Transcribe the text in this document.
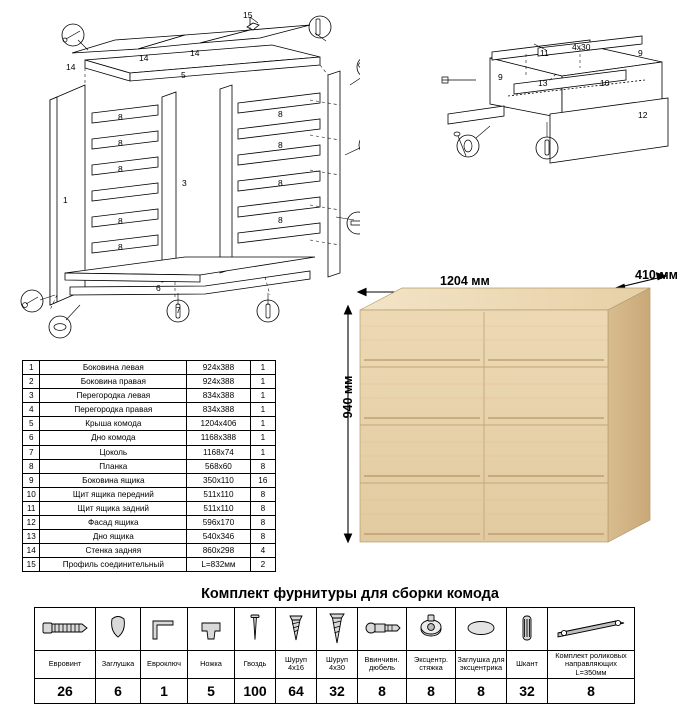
15
14
14	14
5
1
3
8
8
8
8
8
8
8
8
8
6
7
11
9
9
4х30
13	10
12
1	Боковина левая	924х388	1
2	Боковина правая	924х388	1
3	Перегородка левая	834х388	1
4	Перегородка правая	834х388	1
5	Крыша комода	1204х406	1
6	Дно комода	1168х388	1
7	Цоколь	1168х74	1
8	Планка	568х60	8
9	Боковина ящика	350х110	16
10	Щит ящика передний	511х110	8
11	Щит ящика задний	511х110	8
12	Фасад ящика	596х170	8
13	Дно ящика	540х346	8
14	Стенка задняя	860х298	4
15	Профиль соединительный	L=832мм	2
1204 мм	410 мм
940 мм
Комплект фурнитуры для сборки комода

Евровинт	Заглушка	Евроключ	Ножка	Гвоздь	Шуруп 4х16	Шуруп 4х30	Ввинчивн. дюбель	Эксцентр. стяжка	Заглушка для эксцентрика	Шкант	Комплект роликовых направляющих L=350мм
26	6	1	5	100	64	32	8	8	8	32	8
